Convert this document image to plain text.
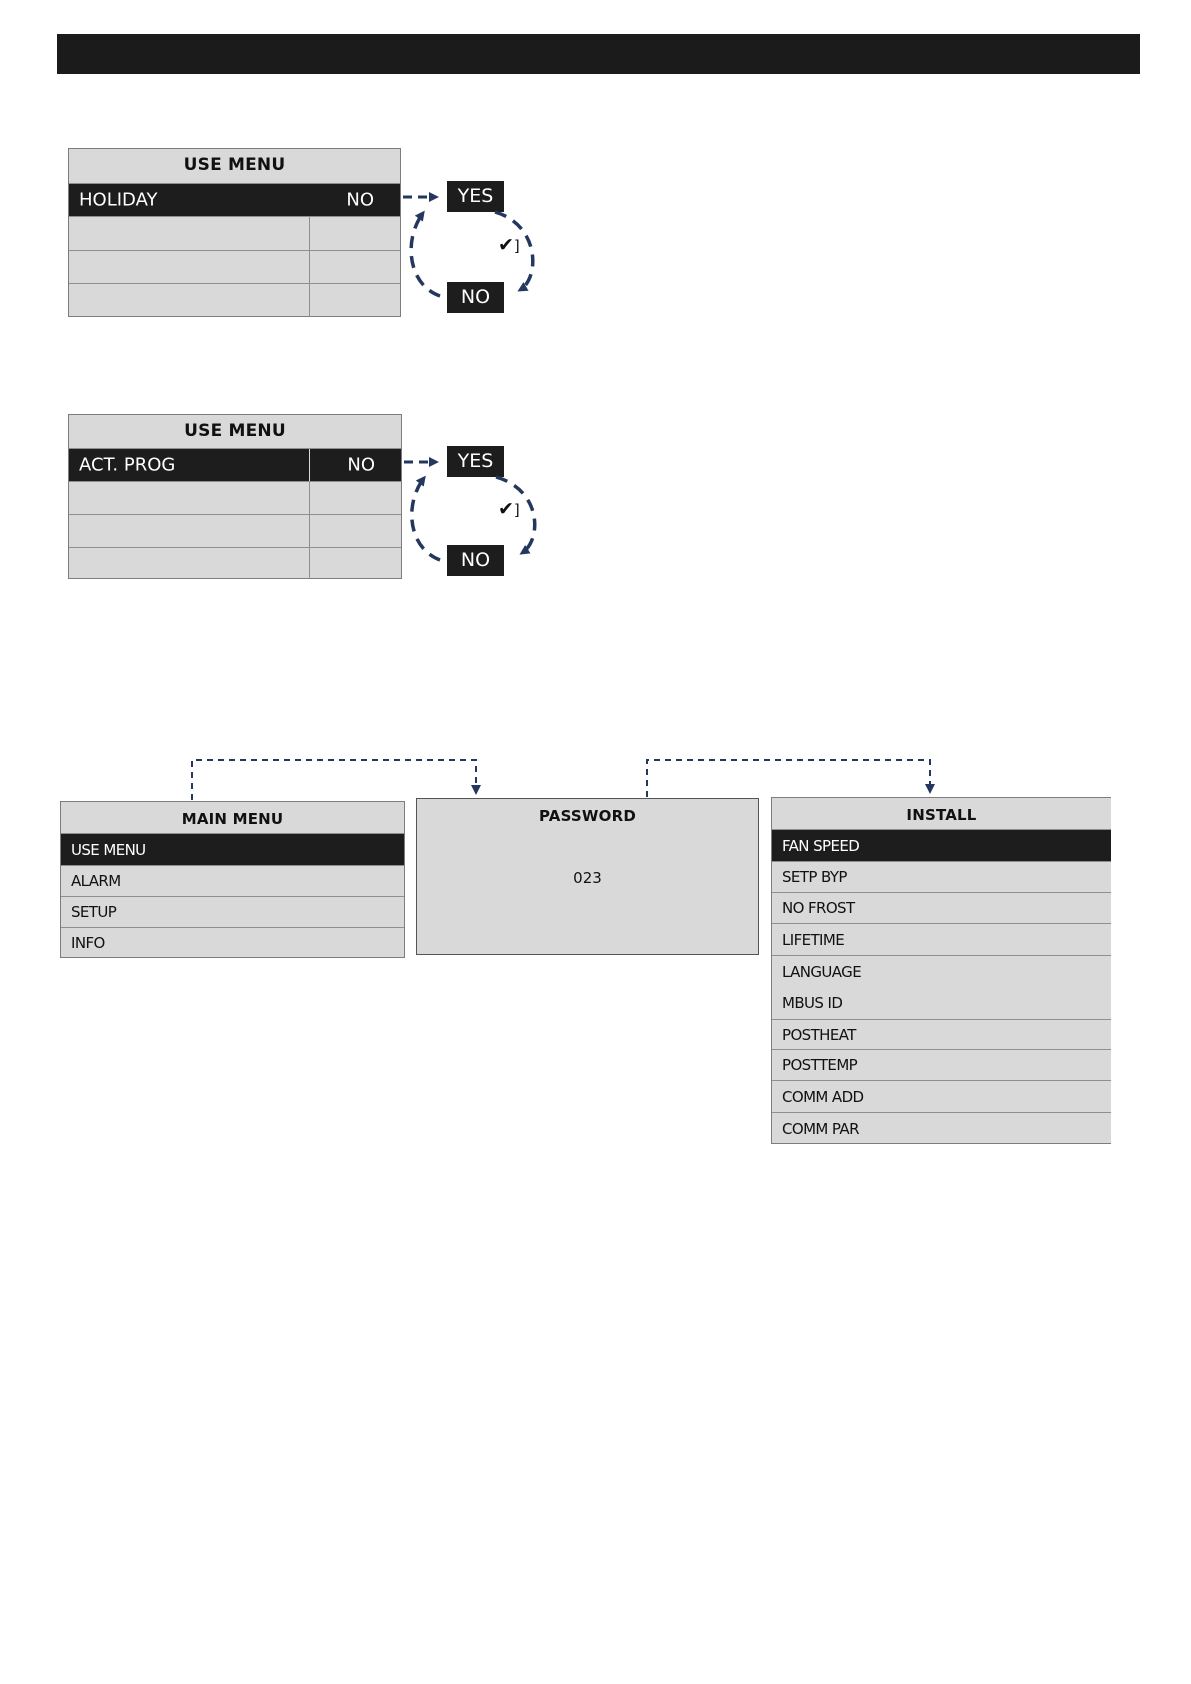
USE MENU
HOLIDAY	NO	YES
NO
✔]
USE MENU
ACT. PROG	NO	YES
NO
✔]
MAIN MENU
USE MENU
ALARM
SETUP
INFO
PASSWORD
023
INSTALL
FAN SPEED
SETP BYP
NO FROST
LIFETIME
LANGUAGE
MBUS ID
POSTHEAT
POSTTEMP
COMM ADD
COMM PAR
